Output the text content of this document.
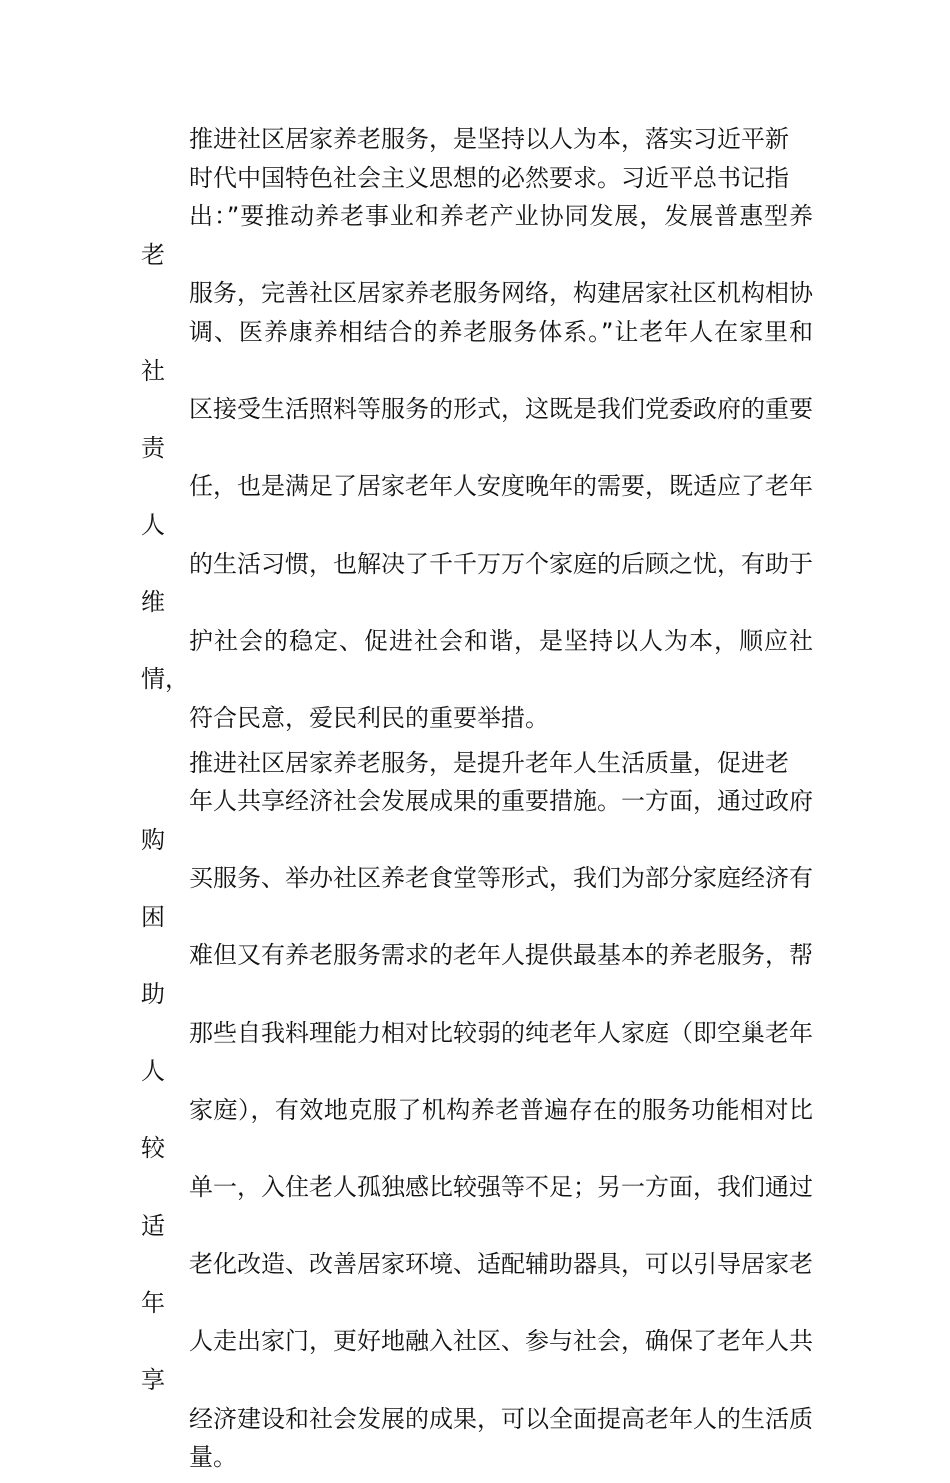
推进社区居家养老服务，是坚持以人为本，落实习近平新
时代中国特色社会主义思想的必然要求。习近平总书记指
出：”要推动养老事业和养老产业协同发展，发展普惠型养老
服务，完善社区居家养老服务网络，构建居家社区机构相协
调、医养康养相结合的养老服务体系。”让老年人在家里和社
区接受生活照料等服务的形式，这既是我们党委政府的重要责
任，也是满足了居家老年人安度晚年的需要，既适应了老年人
的生活习惯，也解决了千千万万个家庭的后顾之忧，有助于维
护社会的稳定、促进社会和谐，是坚持以人为本，顺应社情，
符合民意，爱民利民的重要举措。

推进社区居家养老服务，是提升老年人生活质量，促进老
年人共享经济社会发展成果的重要措施。一方面，通过政府购
买服务、举办社区养老食堂等形式，我们为部分家庭经济有困
难但又有养老服务需求的老年人提供最基本的养老服务，帮助
那些自我料理能力相对比较弱的纯老年人家庭（即空巢老年人
家庭），有效地克服了机构养老普遍存在的服务功能相对比较
单一，入住老人孤独感比较强等不足；另一方面，我们通过适
老化改造、改善居家环境、适配辅助器具，可以引导居家老年
人走出家门，更好地融入社区、参与社会，确保了老年人共享
经济建设和社会发展的成果，可以全面提高老年人的生活质
量。
